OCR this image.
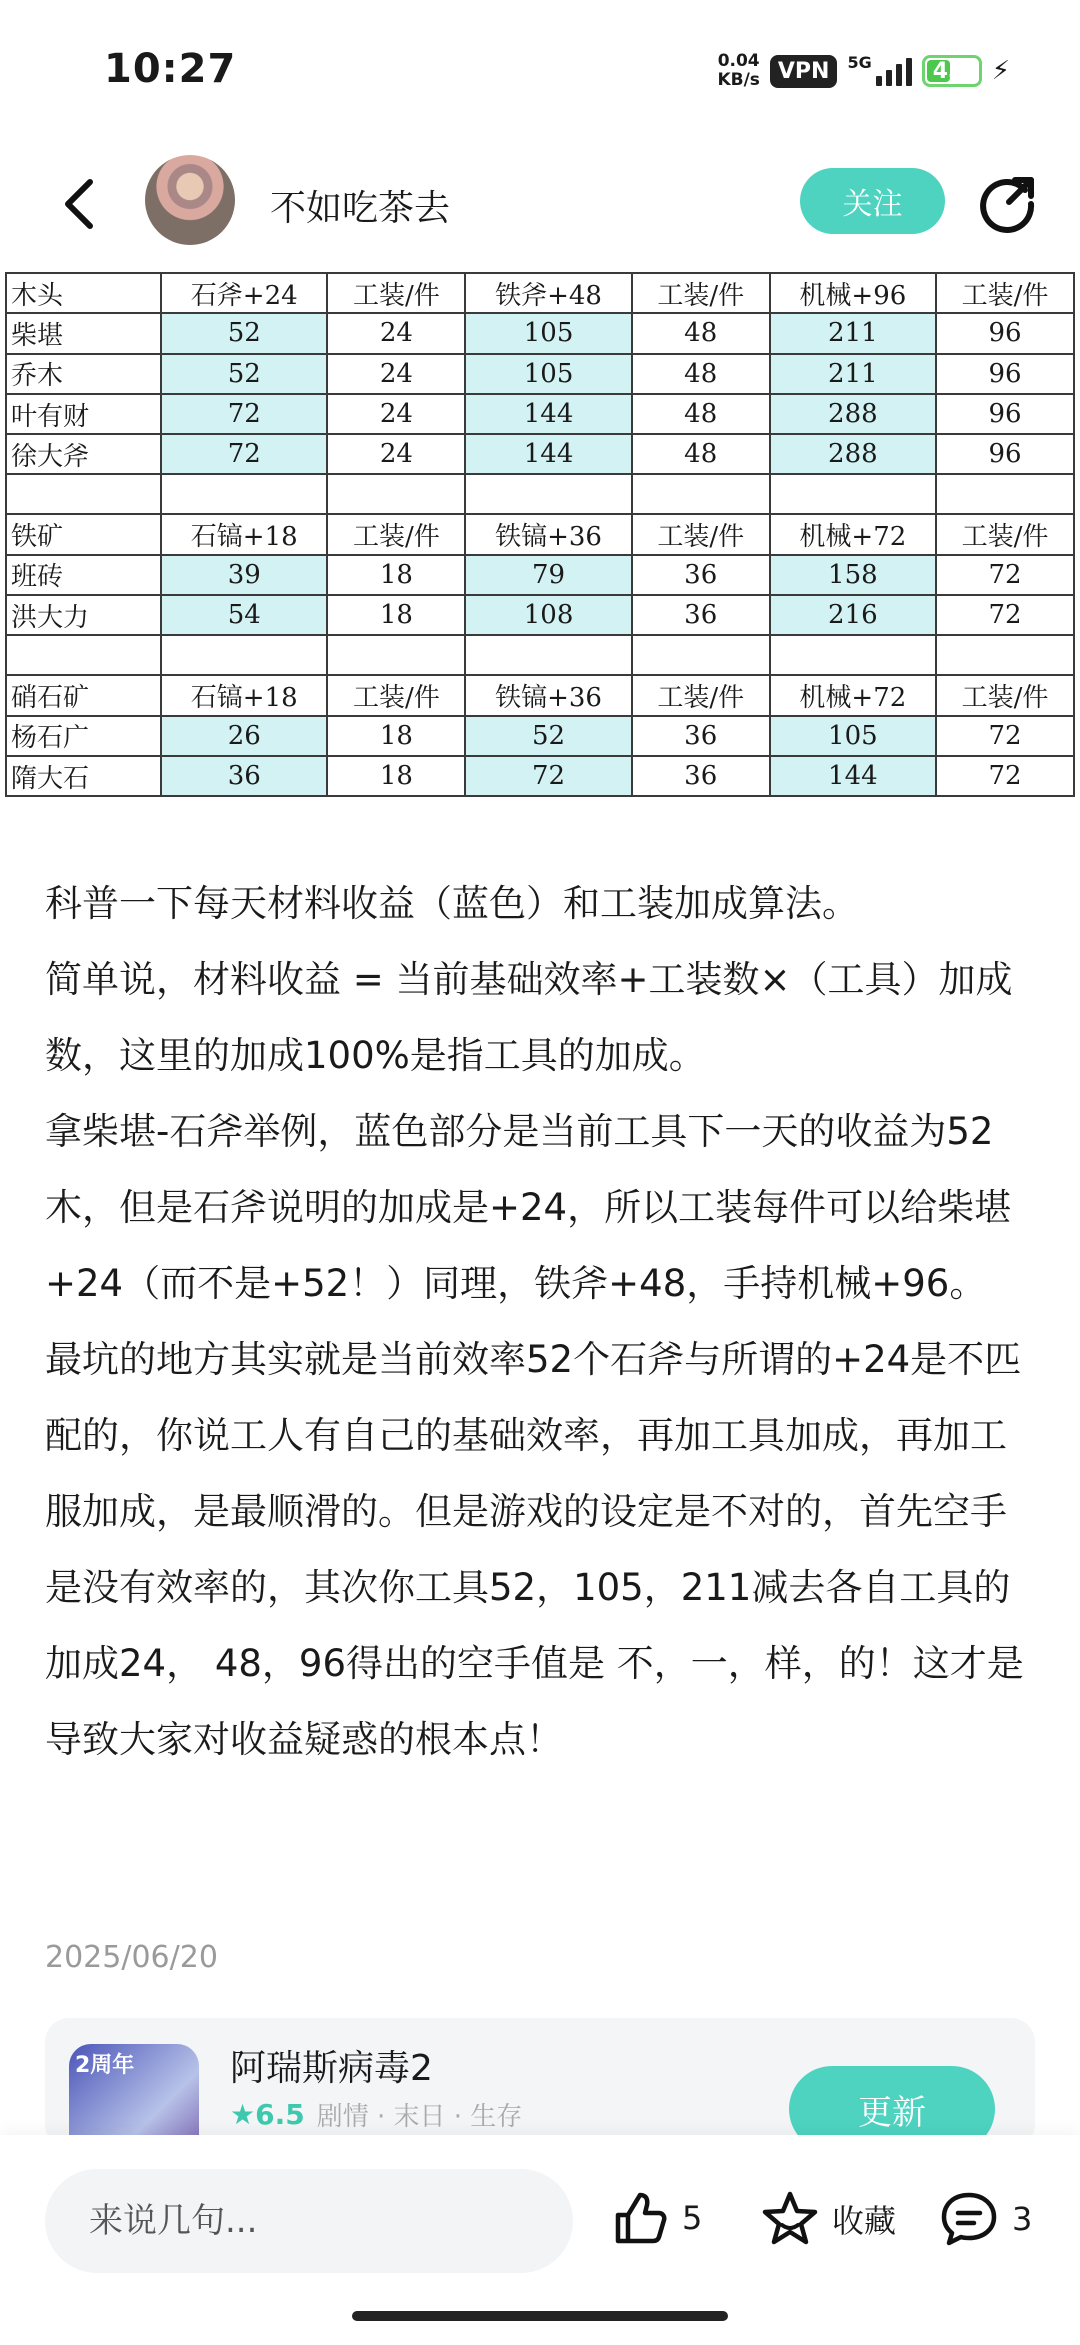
10:27	0.04
KB/s VPN	5G	45 ⚡
不如吃茶去	关注
木头	石斧+24	工装/件	铁斧+48	工装/件	机械+96	工装/件
柴堪	52	24	105	48	211	96
乔木	52	24	105	48	211	96
叶有财	72	24	144	48	288	96
徐大斧	72	24	144	48	288	96

铁矿	石镐+18	工装/件	铁镐+36	工装/件	机械+72	工装/件
班砖	39	18	79	36	158	72
洪大力	54	18	108	36	216	72

硝石矿	石镐+18	工装/件	铁镐+36	工装/件	机械+72	工装/件
杨石广	26	18	52	36	105	72
隋大石	36	18	72	36	144	72

科普一下每天材料收益（蓝色）和工装加成算法。

简单说，材料收益 = 当前基础效率+工装数×（工具）加成数，这里的加成100%是指工具的加成。

拿柴堪-石斧举例，蓝色部分是当前工具下一天的收益为52木，但是石斧说明的加成是+24，所以工装每件可以给柴堪+24（而不是+52！）同理，铁斧+48，手持机械+96。

最坑的地方其实就是当前效率52个石斧与所谓的+24是不匹配的，你说工人有自己的基础效率，再加工具加成，再加工服加成，是最顺滑的。但是游戏的设定是不对的，首先空手是没有效率的，其次你工具52，105，211减去各自工具的加成24， 48，96得出的空手值是 不，一，样，的！这才是导致大家对收益疑惑的根本点！

2025/06/20
2周年	阿瑞斯病毒2
★6.5 剧情 · 末日 · 生存	更新
来说几句...
5	收藏	3
